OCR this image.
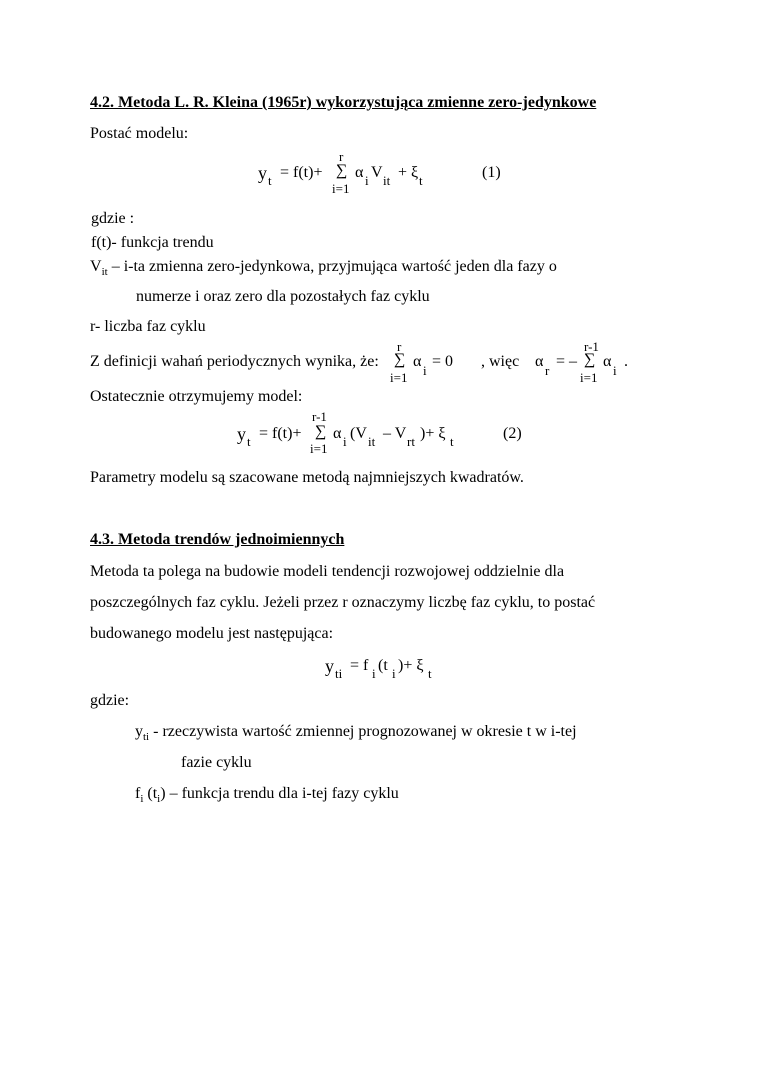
4.2. Metoda L. R. Kleina (1965r) wykorzystująca zmienne zero-jedynkowe
Postać modelu:
y t = f(t)+
r
∑
i=1
α i V it + ξ t	(1)
gdzie :
f(t)- funkcja trendu
$V_{it} - i-ta$ zmienna zero-jedynkowa, przyjmująca wartość jeden dla fazy o
numerze i oraz zero dla pozostałych faz cyklu
r- liczba faz cyklu
Z definicji wahań periodycznych wynika, że:
r
∑
i=1
α
i
= 0 , więc α
r
= –
r-1
∑
i=1
α
i
.
Ostatecznie otrzymujemy model:
y t = f(t)+
r-1
∑
i=1
α i (V it – V rt )+ ξ t	(2)
Parametry modelu są szacowane metodą najmniejszych kwadratów.
4.3. Metoda trendów jednoimiennych
Metoda ta polega na budowie modeli tendencji rozwojowej oddzielnie dla
poszczególnych faz cyklu. Jeżeli przez r oznaczymy liczbę faz cyklu, to postać
budowanego modelu jest następująca:
y ti = f i (t i )+ ξ t
gdzie:
$y_{ti}$ - rzeczywista wartość zmiennej prognozowanej w okresie t w i-tej
fazie cyklu
$f_i$ $(t_i)$ – funkcja trendu dla i-tej fazy cyklu
